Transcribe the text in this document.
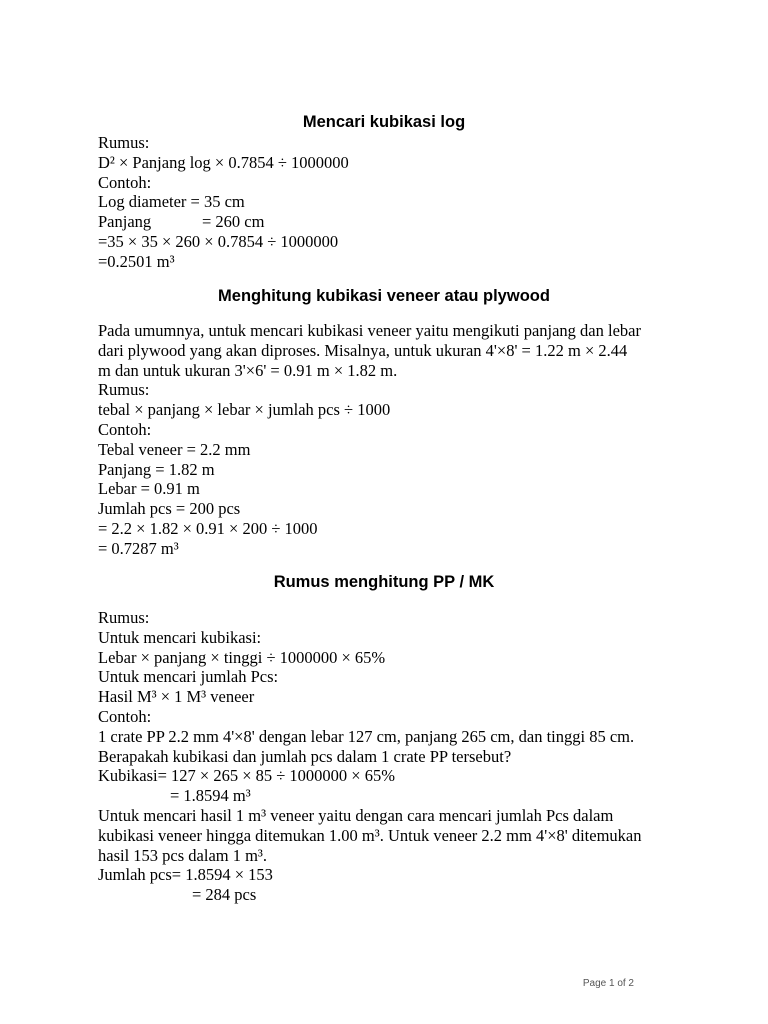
Mencari kubikasi log
Rumus:
D² × Panjang log × 0.7854 ÷ 1000000
Contoh:
Log diameter = 35 cm
Panjang	= 260 cm
=35 × 35 × 260 × 0.7854 ÷ 1000000
=0.2501 m³
Menghitung kubikasi veneer atau plywood
Pada umumnya, untuk mencari kubikasi veneer yaitu mengikuti panjang dan lebar
dari plywood yang akan diproses. Misalnya, untuk ukuran 4'×8' = 1.22 m × 2.44
m dan untuk ukuran 3'×6' = 0.91 m × 1.82 m.
Rumus:
tebal × panjang × lebar × jumlah pcs ÷ 1000
Contoh:
Tebal veneer = 2.2 mm
Panjang = 1.82 m
Lebar = 0.91 m
Jumlah pcs = 200 pcs
= 2.2 × 1.82 × 0.91 × 200 ÷ 1000
= 0.7287 m³
Rumus menghitung PP / MK
Rumus:
Untuk mencari kubikasi:
Lebar × panjang × tinggi ÷ 1000000 × 65%
Untuk mencari jumlah Pcs:
Hasil M³ × 1 M³ veneer
Contoh:
1 crate PP 2.2 mm 4'×8' dengan lebar 127 cm, panjang 265 cm, dan tinggi 85 cm.
Berapakah kubikasi dan jumlah pcs dalam 1 crate PP tersebut?
Kubikasi= 127 × 265 × 85 ÷ 1000000 × 65%
= 1.8594 m³
Untuk mencari hasil 1 m³ veneer yaitu dengan cara mencari jumlah Pcs dalam
kubikasi veneer hingga ditemukan 1.00 m³. Untuk veneer 2.2 mm 4'×8' ditemukan
hasil 153 pcs dalam 1 m³.
Jumlah pcs= 1.8594 × 153
= 284 pcs
Page 1 of 2
